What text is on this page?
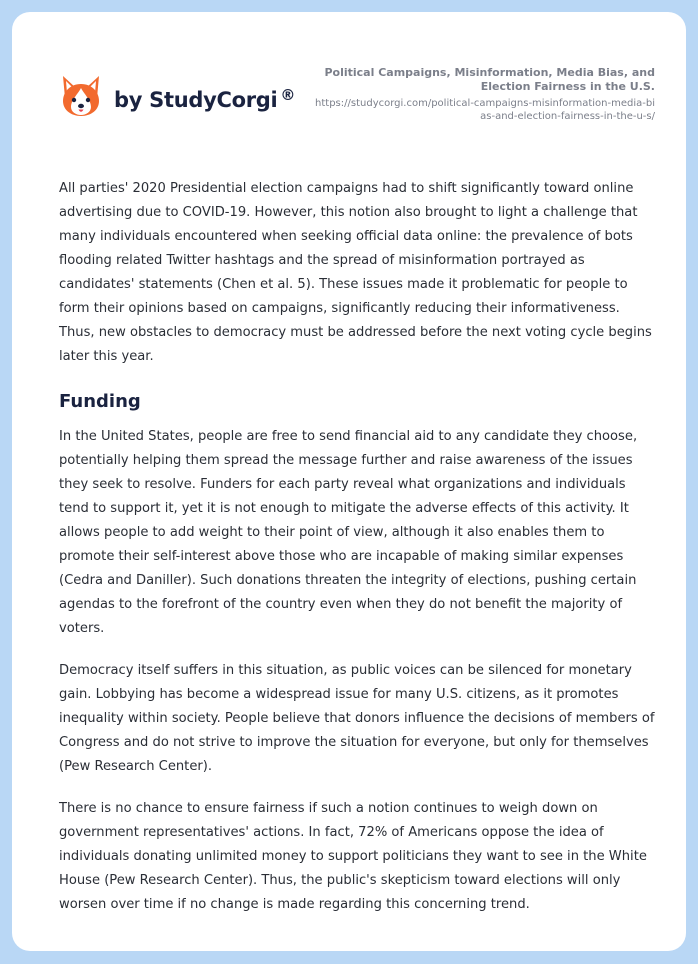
by StudyCorgi ®
Political Campaigns, Misinformation, Media Bias, and Election Fairness in the U.S.
https://studycorgi.com/political-campaigns-misinformation-media-bias-and-election-fairness-in-the-u-s/

All parties' 2020 Presidential election campaigns had to shift significantly toward online advertising due to COVID-19. However, this notion also brought to light a challenge that many individuals encountered when seeking official data online: the prevalence of bots flooding related Twitter hashtags and the spread of misinformation portrayed as candidates' statements (Chen et al. 5). These issues made it problematic for people to form their opinions based on campaigns, significantly reducing their informativeness. Thus, new obstacles to democracy must be addressed before the next voting cycle begins later this year.

Funding

In the United States, people are free to send financial aid to any candidate they choose, potentially helping them spread the message further and raise awareness of the issues they seek to resolve. Funders for each party reveal what organizations and individuals tend to support it, yet it is not enough to mitigate the adverse effects of this activity. It allows people to add weight to their point of view, although it also enables them to promote their self-interest above those who are incapable of making similar expenses (Cedra and Daniller). Such donations threaten the integrity of elections, pushing certain agendas to the forefront of the country even when they do not benefit the majority of voters.

Democracy itself suffers in this situation, as public voices can be silenced for monetary gain. Lobbying has become a widespread issue for many U.S. citizens, as it promotes inequality within society. People believe that donors influence the decisions of members of Congress and do not strive to improve the situation for everyone, but only for themselves (Pew Research Center).

There is no chance to ensure fairness if such a notion continues to weigh down on government representatives' actions. In fact, 72% of Americans oppose the idea of individuals donating unlimited money to support politicians they want to see in the White House (Pew Research Center). Thus, the public's skepticism toward elections will only worsen over time if no change is made regarding this concerning trend.
